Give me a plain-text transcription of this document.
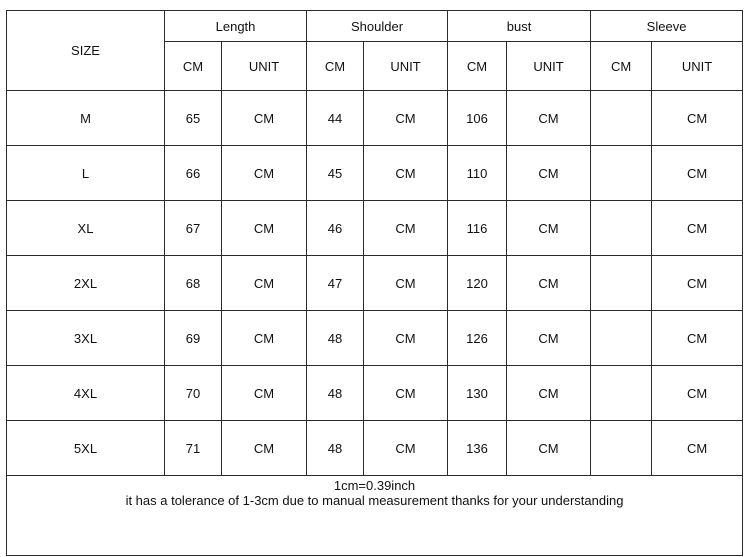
SIZE	Length		Shoulder		bust		Sleeve	
	CM	UNIT	CM	UNIT	CM	UNIT	CM	UNIT
M	65	CM	44	CM	106	CM		CM
L	66	CM	45	CM	110	CM		CM
XL	67	CM	46	CM	116	CM		CM
2XL	68	CM	47	CM	120	CM		CM
3XL	69	CM	48	CM	126	CM		CM
4XL	70	CM	48	CM	130	CM		CM
5XL	71	CM	48	CM	136	CM		CM

1cm=0.39inch
it has a tolerance of 1-3cm due to manual measurement thanks for your understanding								
